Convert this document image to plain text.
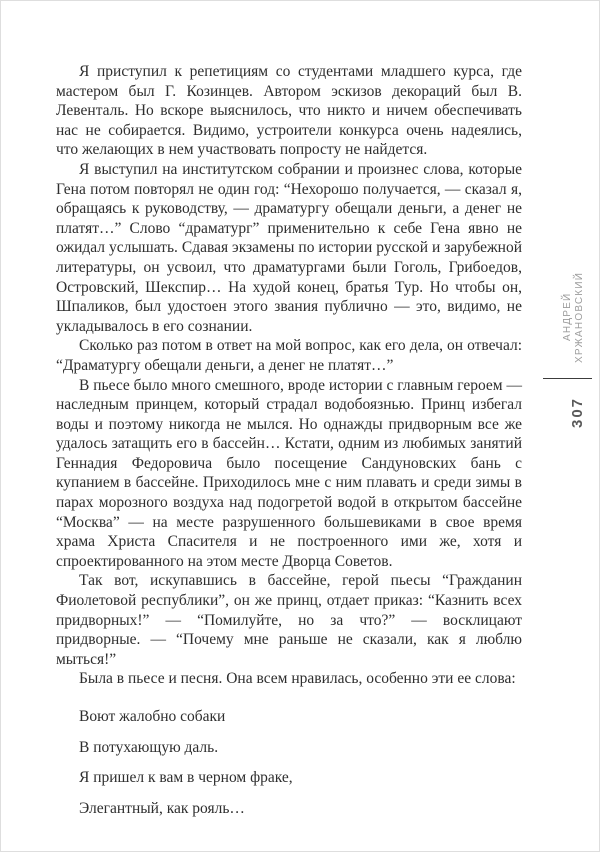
Я приступил к репетициям со студентами младшего курса, где мастером был Г. Козинцев. Автором эскизов декораций был В. Левенталь. Но вскоре выяснилось, что никто и ничем обеспечивать нас не собирается. Видимо, устроители конкурса очень надеялись, что желающих в нем участвовать попросту не найдется.

Я выступил на институтском собрании и произнес слова, которые Гена потом повторял не один год: “Нехорошо получается, — сказал я, обращаясь к руководству, — драматургу обещали деньги, а денег не платят…” Слово “драматург” применительно к себе Гена явно не ожидал услышать. Сдавая экзамены по истории русской и зарубежной литературы, он усвоил, что драматургами были Гоголь, Грибоедов, Островский, Шекспир… На худой конец, братья Тур. Но чтобы он, Шпаликов, был удостоен этого звания публично — это, видимо, не укладывалось в его сознании.

Сколько раз потом в ответ на мой вопрос, как его дела, он отвечал: “Драматургу обещали деньги, а денег не платят…”

В пьесе было много смешного, вроде истории с главным героем — наследным принцем, который страдал водобоязнью. Принц избегал воды и поэтому никогда не мылся. Но однажды придворным все же удалось затащить его в бассейн… Кстати, одним из любимых занятий Геннадия Федоровича было посещение Сандуновских бань с купанием в бассейне. Приходилось мне с ним плавать и среди зимы в парах морозного воздуха над подогретой водой в открытом бассейне “Москва” — на месте разрушенного большевиками в свое время храма Христа Спасителя и не построенного ими же, хотя и спроектированного на этом месте Дворца Советов.

Так вот, искупавшись в бассейне, герой пьесы “Гражданин Фиолетовой республики”, он же принц, отдает приказ: “Казнить всех придворных!” — “Помилуйте, но за что?” — восклицают придворные. — “Почему мне раньше не сказали, как я люблю мыться!”

Была в пьесе и песня. Она всем нравилась, особенно эти ее слова:

Воют жалобно собаки
В потухающую даль.
Я пришел к вам в черном фраке,
Элегантный, как рояль…
АНДРЕЙ ХРЖАНОВСКИЙ
307
